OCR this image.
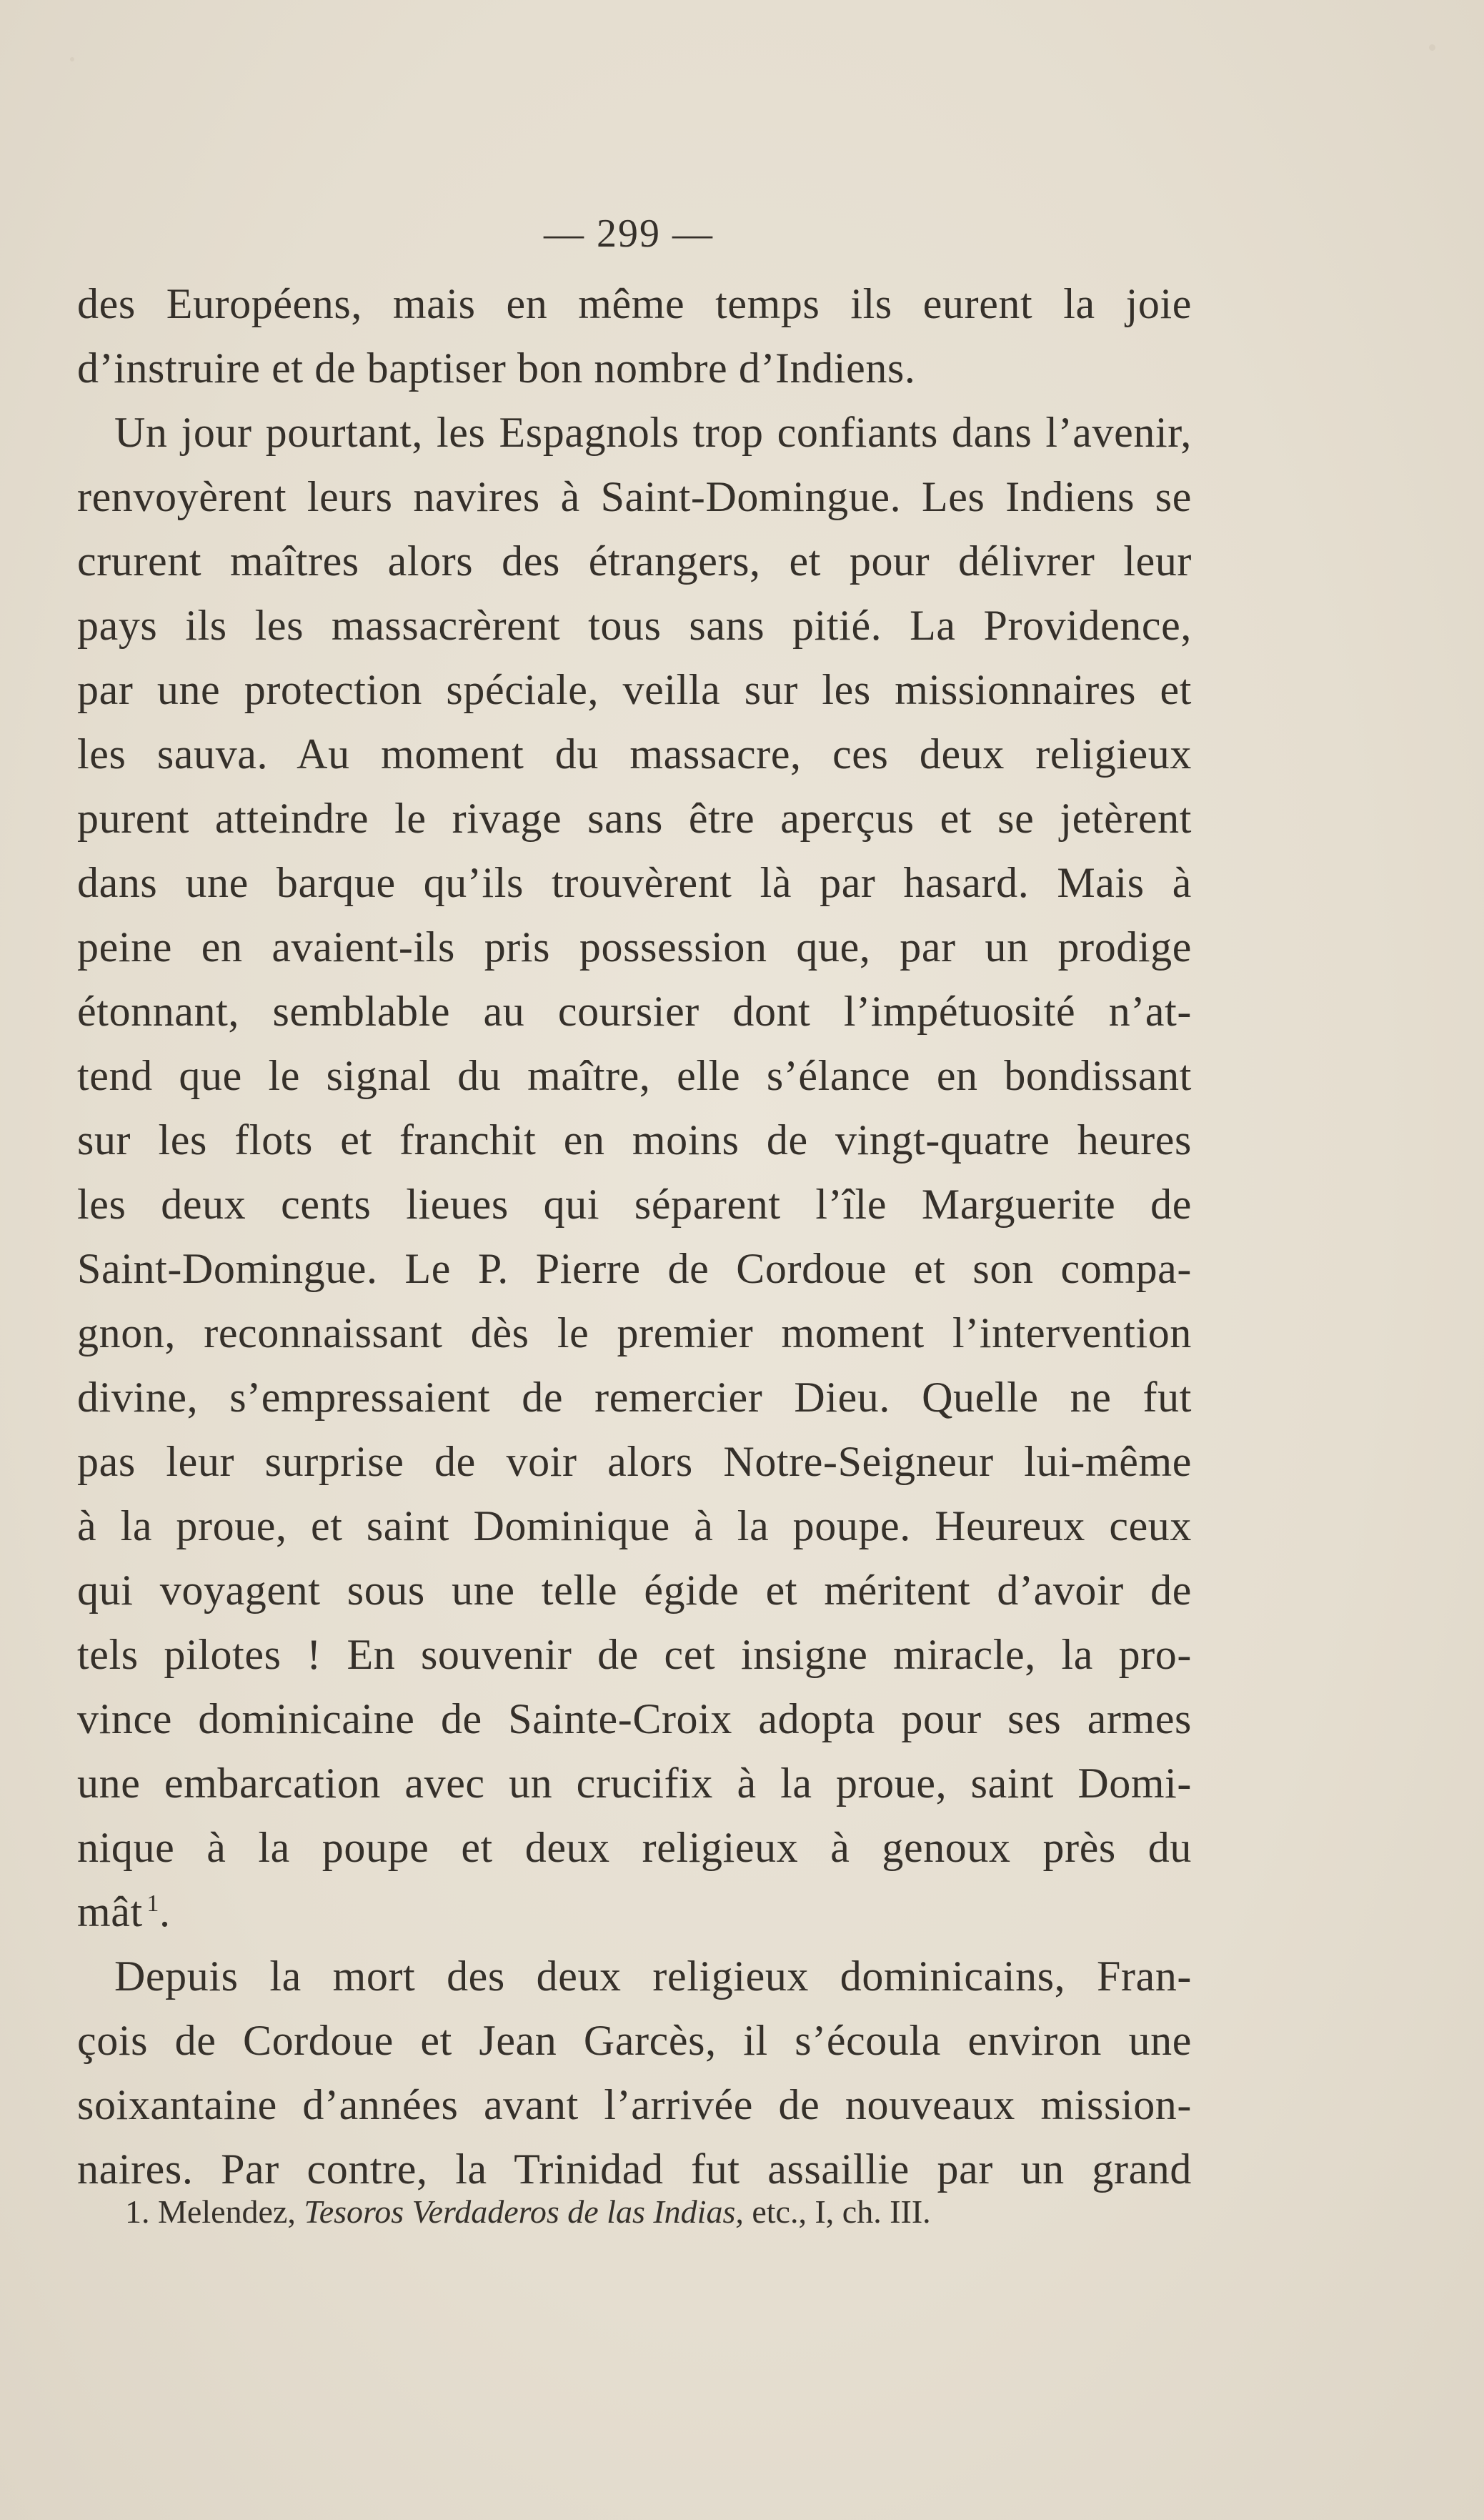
— 299 —
des Européens, mais en même temps ils eurent la joie
d’instruire et de baptiser bon nombre d’Indiens.
Un jour pourtant, les Espagnols trop confiants dans l’avenir,
renvoyèrent leurs navires à Saint-Domingue. Les Indiens se
crurent maîtres alors des étrangers, et pour délivrer leur
pays ils les massacrèrent tous sans pitié. La Providence,
par une protection spéciale, veilla sur les missionnaires et
les sauva. Au moment du massacre, ces deux religieux
purent atteindre le rivage sans être aperçus et se jetèrent
dans une barque qu’ils trouvèrent là par hasard. Mais à
peine en avaient-ils pris possession que, par un prodige
étonnant, semblable au coursier dont l’impétuosité n’at-
tend que le signal du maître, elle s’élance en bondissant
sur les flots et franchit en moins de vingt-quatre heures
les deux cents lieues qui séparent l’île Marguerite de
Saint-Domingue. Le P. Pierre de Cordoue et son compa-
gnon, reconnaissant dès le premier moment l’intervention
divine, s’empressaient de remercier Dieu. Quelle ne fut
pas leur surprise de voir alors Notre-Seigneur lui-même
à la proue, et saint Dominique à la poupe. Heureux ceux
qui voyagent sous une telle égide et méritent d’avoir de
tels pilotes ! En souvenir de cet insigne miracle, la pro-
vince dominicaine de Sainte-Croix adopta pour ses armes
une embarcation avec un crucifix à la proue, saint Domi-
nique à la poupe et deux religieux à genoux près du
mât  $^1$.
Depuis la mort des deux religieux dominicains, Fran-
çois de Cordoue et Jean Garcès, il s’écoula environ une
soixantaine d’années avant l’arrivée de nouveaux mission-
naires. Par contre, la Trinidad fut assaillie par un grand
1. Melendez, Tesoros Verdaderos de las Indias, etc., I, ch. III.
